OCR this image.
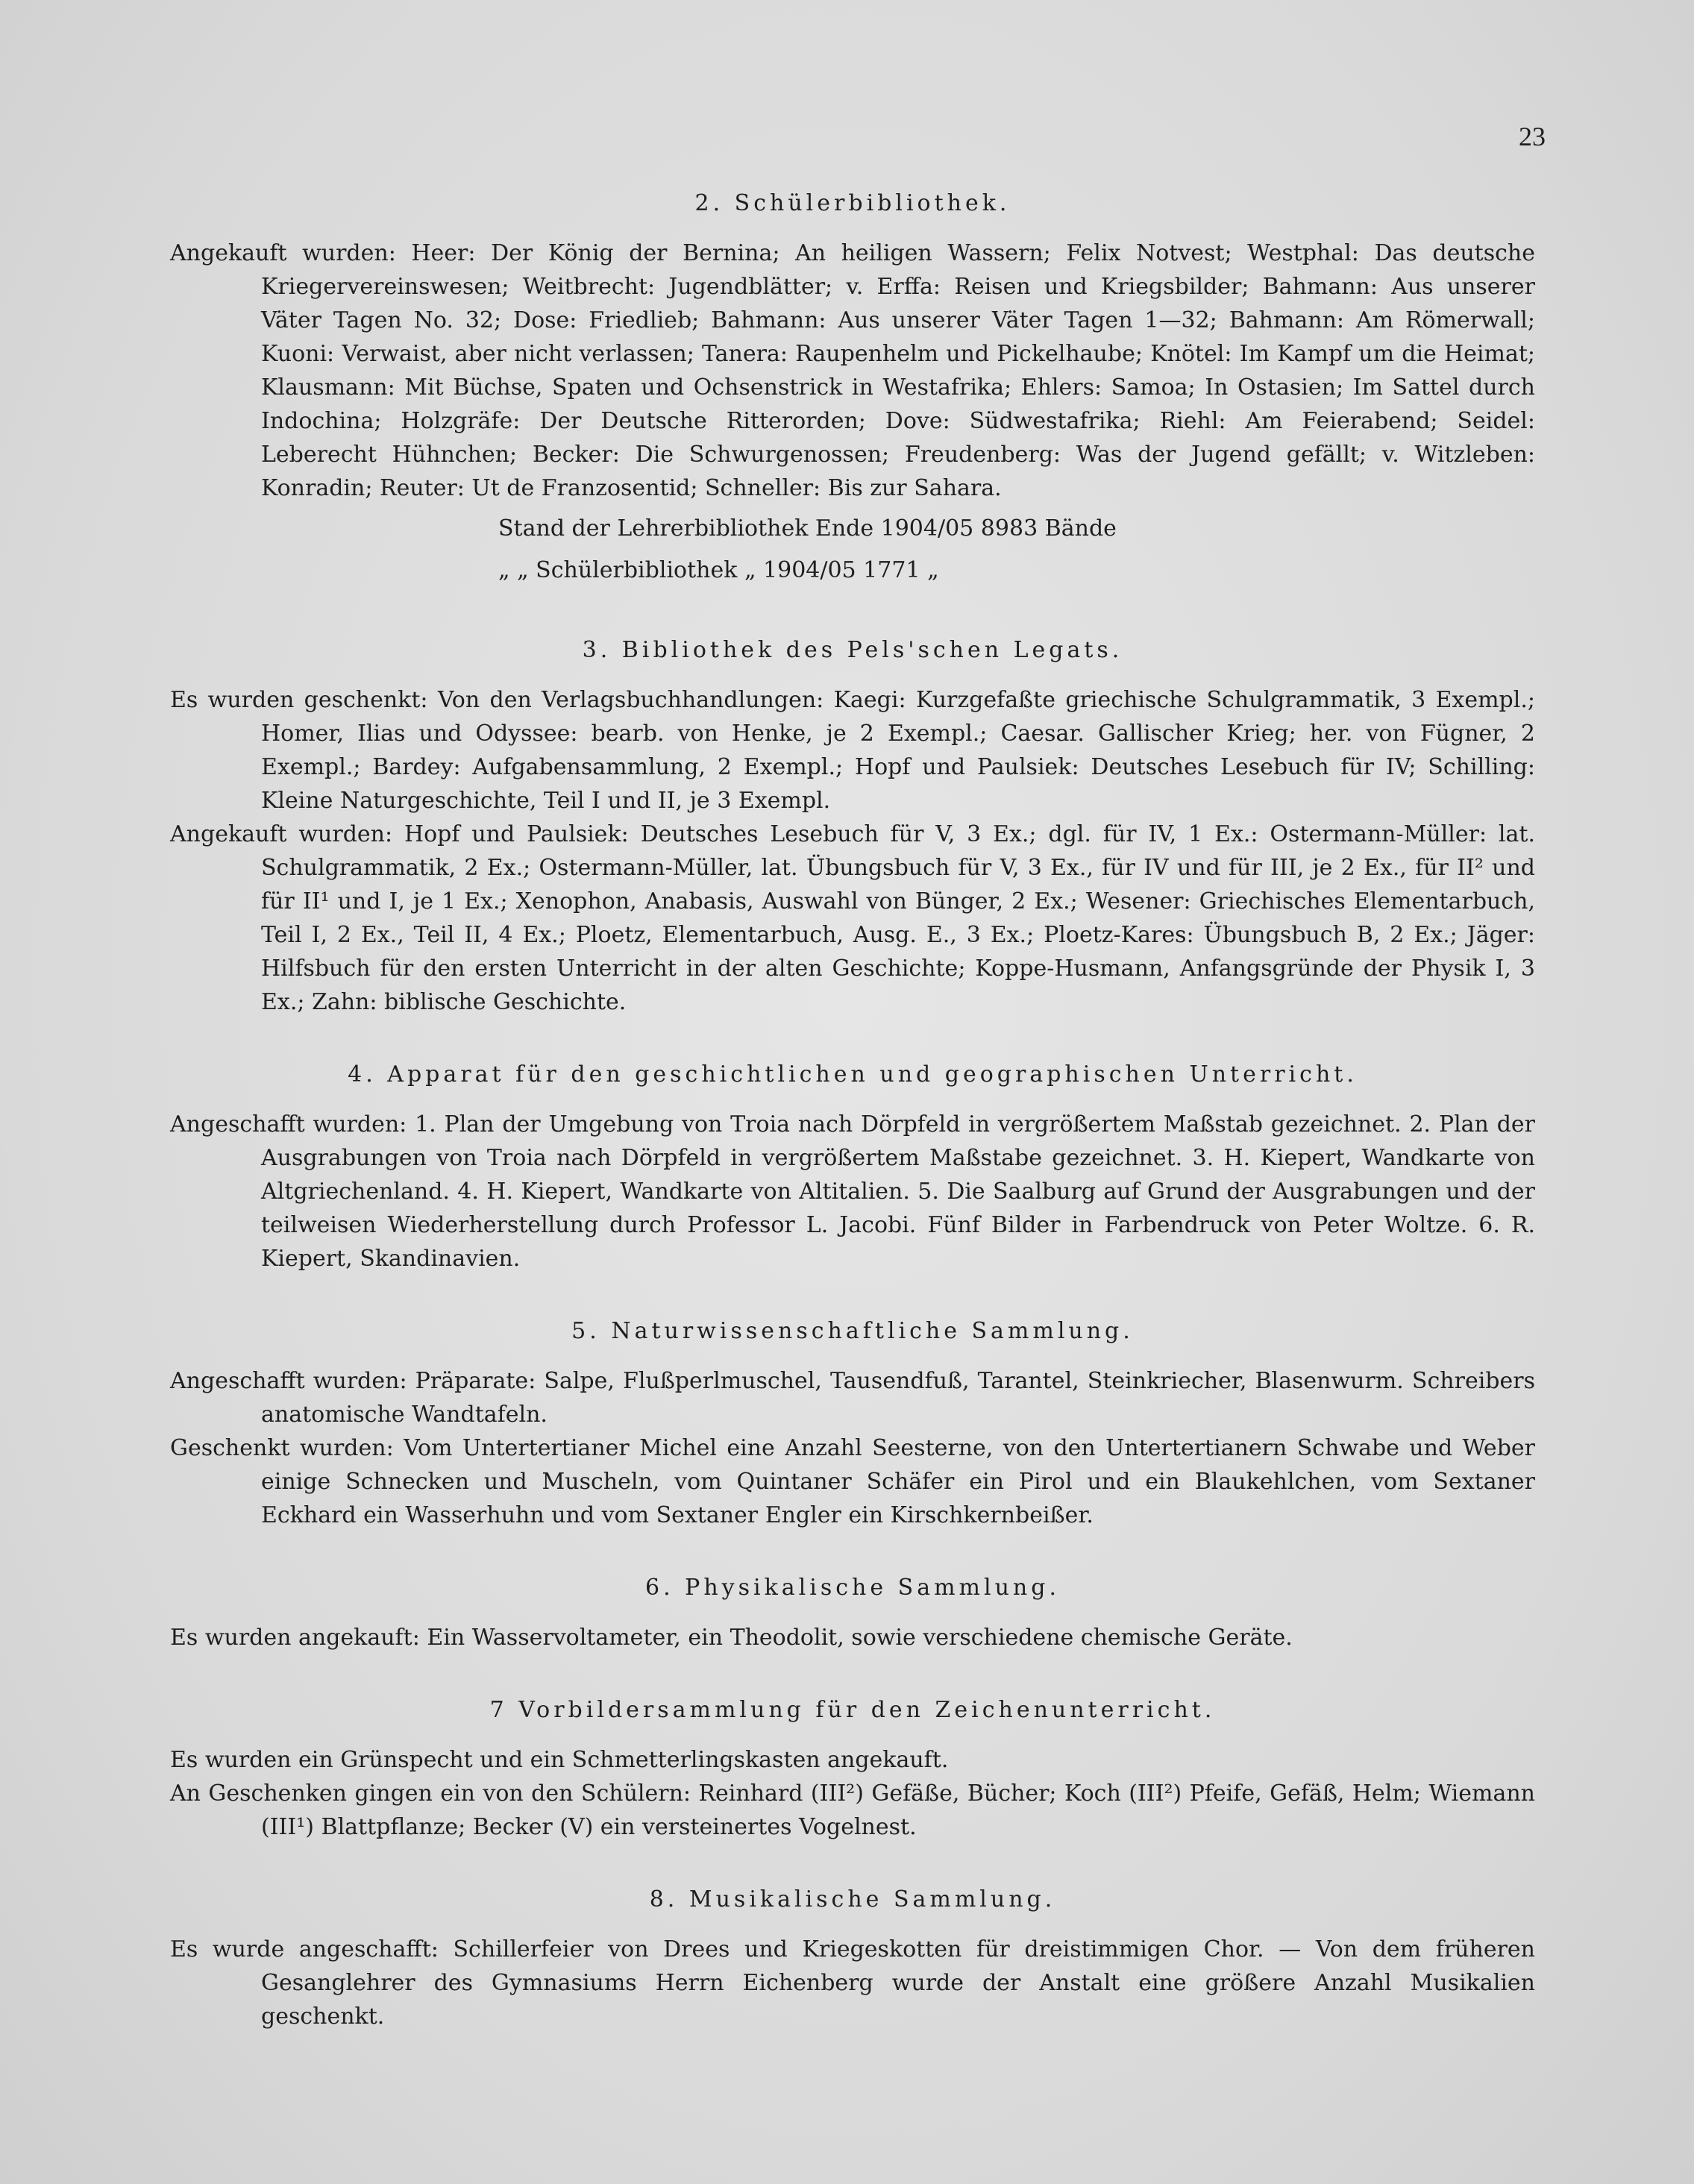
23
2. Schülerbibliothek.

Angekauft wurden: Heer: Der König der Bernina; An heiligen Wassern; Felix Notvest; Westphal: Das deutsche Kriegervereinswesen; Weitbrecht: Jugendblätter; v. Erffa: Reisen und Kriegsbilder; Bahmann: Aus unserer Väter Tagen No. 32; Dose: Friedlieb; Bahmann: Aus unserer Väter Tagen 1—32; Bahmann: Am Römerwall; Kuoni: Verwaist, aber nicht verlassen; Tanera: Raupenhelm und Pickelhaube; Knötel: Im Kampf um die Heimat; Klausmann: Mit Büchse, Spaten und Ochsenstrick in Westafrika; Ehlers: Samoa; In Ostasien; Im Sattel durch Indochina; Holzgräfe: Der Deutsche Ritterorden; Dove: Südwestafrika; Riehl: Am Feierabend; Seidel: Leberecht Hühnchen; Becker: Die Schwurgenossen; Freudenberg: Was der Jugend gefällt; v. Witzleben: Konradin; Reuter: Ut de Franzosentid; Schneller: Bis zur Sahara.

Stand der Lehrerbibliothek Ende 1904/05 8983 Bände
„ „ Schülerbibliothek „ 1904/05 1771 „
3. Bibliothek des Pels'schen Legats.

Es wurden geschenkt: Von den Verlagsbuchhandlungen: Kaegi: Kurzgefaßte griechische Schulgrammatik, 3 Exempl.; Homer, Ilias und Odyssee: bearb. von Henke, je 2 Exempl.; Caesar. Gallischer Krieg; her. von Fügner, 2 Exempl.; Bardey: Aufgabensammlung, 2 Exempl.; Hopf und Paulsiek: Deutsches Lesebuch für IV; Schilling: Kleine Naturgeschichte, Teil I und II, je 3 Exempl.

Angekauft wurden: Hopf und Paulsiek: Deutsches Lesebuch für V, 3 Ex.; dgl. für IV, 1 Ex.: Ostermann-Müller: lat. Schulgrammatik, 2 Ex.; Ostermann-Müller, lat. Übungsbuch für V, 3 Ex., für IV und für III, je 2 Ex., für II² und für II¹ und I, je 1 Ex.; Xenophon, Anabasis, Auswahl von Bünger, 2 Ex.; Wesener: Griechisches Elementarbuch, Teil I, 2 Ex., Teil II, 4 Ex.; Ploetz, Elementarbuch, Ausg. E., 3 Ex.; Ploetz-Kares: Übungsbuch B, 2 Ex.; Jäger: Hilfsbuch für den ersten Unterricht in der alten Geschichte; Koppe-Husmann, Anfangsgründe der Physik I, 3 Ex.; Zahn: biblische Geschichte.

4. Apparat für den geschichtlichen und geographischen Unterricht.

Angeschafft wurden: 1. Plan der Umgebung von Troia nach Dörpfeld in vergrößertem Maßstab gezeichnet. 2. Plan der Ausgrabungen von Troia nach Dörpfeld in vergrößertem Maßstabe gezeichnet. 3. H. Kiepert, Wandkarte von Altgriechenland. 4. H. Kiepert, Wandkarte von Altitalien. 5. Die Saalburg auf Grund der Ausgrabungen und der teilweisen Wiederherstellung durch Professor L. Jacobi. Fünf Bilder in Farbendruck von Peter Woltze. 6. R. Kiepert, Skandinavien.

5. Naturwissenschaftliche Sammlung.

Angeschafft wurden: Präparate: Salpe, Flußperlmuschel, Tausendfuß, Tarantel, Steinkriecher, Blasenwurm. Schreibers anatomische Wandtafeln.

Geschenkt wurden: Vom Untertertianer Michel eine Anzahl Seesterne, von den Untertertianern Schwabe und Weber einige Schnecken und Muscheln, vom Quintaner Schäfer ein Pirol und ein Blaukehlchen, vom Sextaner Eckhard ein Wasserhuhn und vom Sextaner Engler ein Kirschkernbeißer.

6. Physikalische Sammlung.

Es wurden angekauft: Ein Wasservoltameter, ein Theodolit, sowie verschiedene chemische Geräte.

7 Vorbildersammlung für den Zeichenunterricht.

Es wurden ein Grünspecht und ein Schmetterlingskasten angekauft.

An Geschenken gingen ein von den Schülern: Reinhard (III²) Gefäße, Bücher; Koch (III²) Pfeife, Gefäß, Helm; Wiemann (III¹) Blattpflanze; Becker (V) ein versteinertes Vogelnest.

8. Musikalische Sammlung.

Es wurde angeschafft: Schillerfeier von Drees und Kriegeskotten für dreistimmigen Chor. — Von dem früheren Gesanglehrer des Gymnasiums Herrn Eichenberg wurde der Anstalt eine größere Anzahl Musikalien geschenkt.
